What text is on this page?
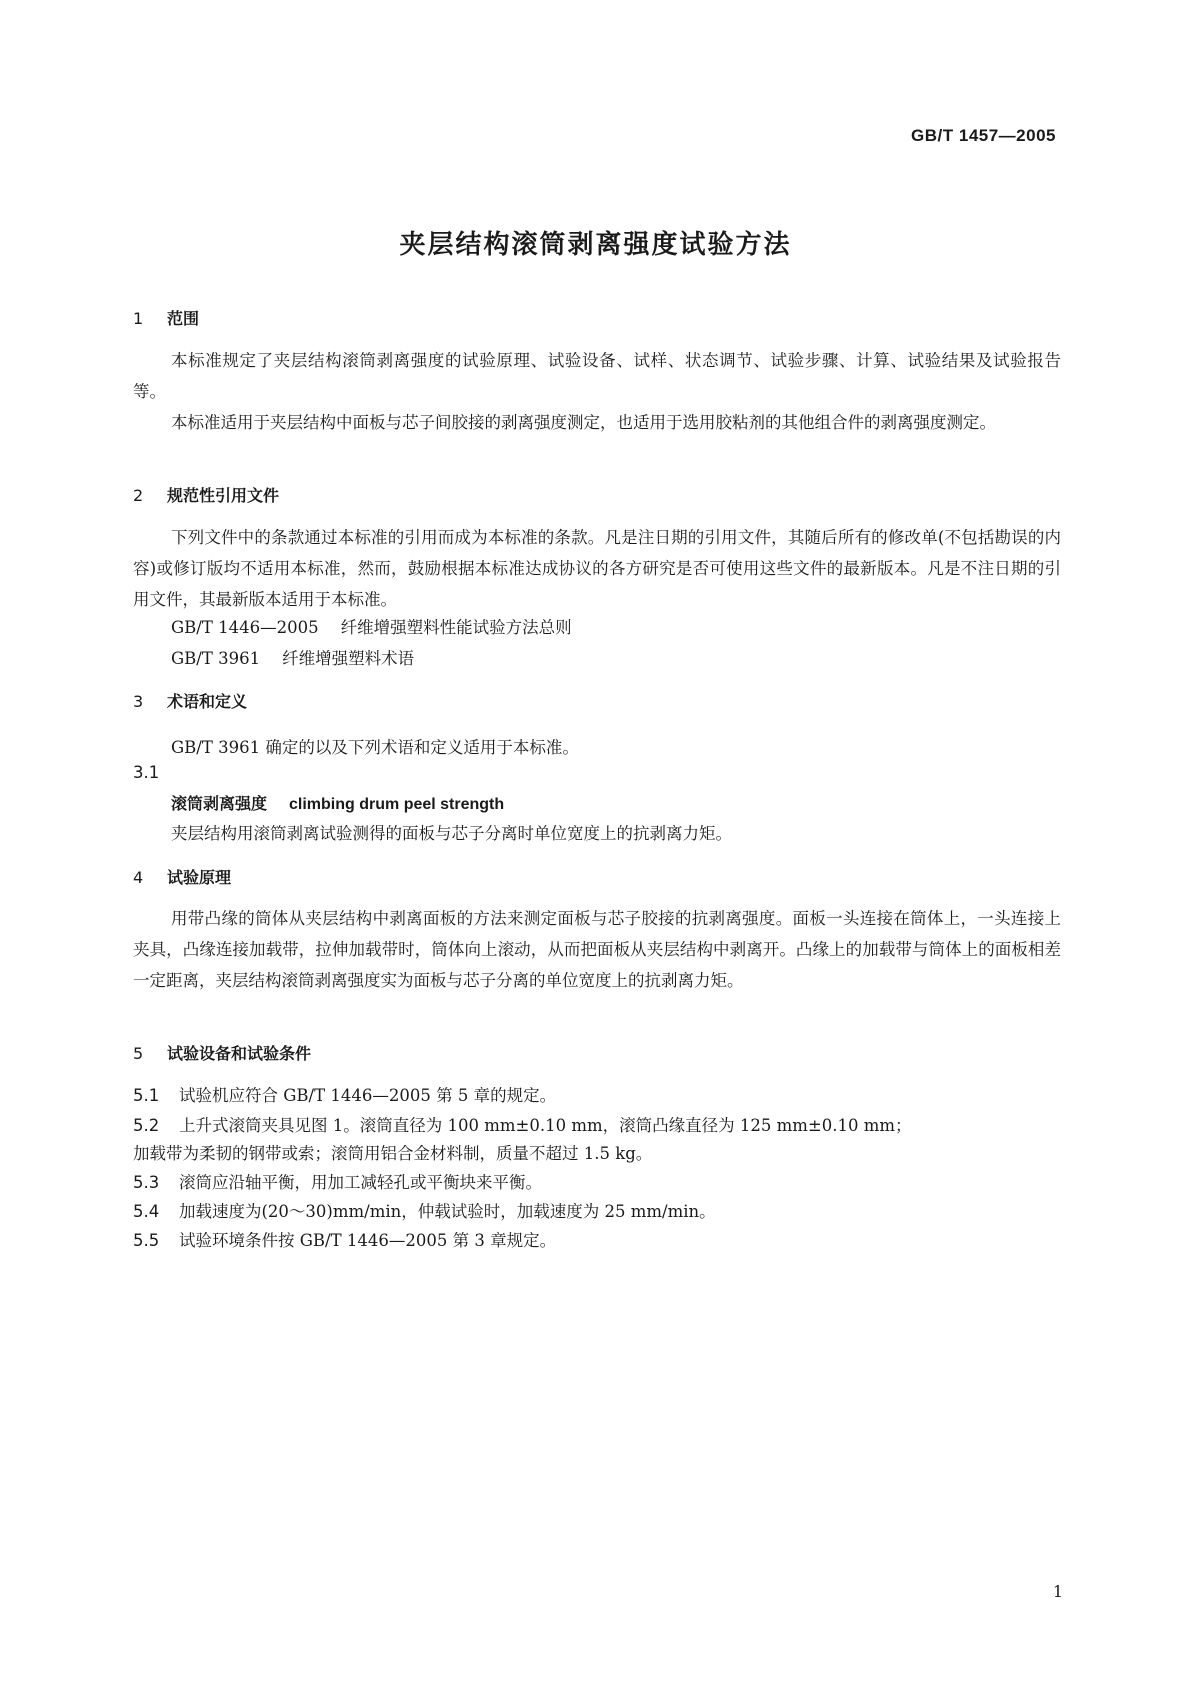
GB/T 1457—2005
夹层结构滚筒剥离强度试验方法
1 范围

本标准规定了夹层结构滚筒剥离强度的试验原理、试验设备、试样、状态调节、试验步骤、计算、试验结果及试验报告等。

本标准适用于夹层结构中面板与芯子间胶接的剥离强度测定，也适用于选用胶粘剂的其他组合件的剥离强度测定。

2 规范性引用文件

下列文件中的条款通过本标准的引用而成为本标准的条款。凡是注日期的引用文件，其随后所有的修改单(不包括勘误的内容)或修订版均不适用本标准，然而，鼓励根据本标准达成协议的各方研究是否可使用这些文件的最新版本。凡是不注日期的引用文件，其最新版本适用于本标准。

GB/T 1446—2005 纤维增强塑料性能试验方法总则
GB/T 3961 纤维增强塑料术语
3 术语和定义
GB/T 3961 确定的以及下列术语和定义适用于本标准。
3.1
滚筒剥离强度 climbing drum peel strength
夹层结构用滚筒剥离试验测得的面板与芯子分离时单位宽度上的抗剥离力矩。
4 试验原理

用带凸缘的筒体从夹层结构中剥离面板的方法来测定面板与芯子胶接的抗剥离强度。面板一头连接在筒体上，一头连接上夹具，凸缘连接加载带，拉伸加载带时，筒体向上滚动，从而把面板从夹层结构中剥离开。凸缘上的加载带与筒体上的面板相差一定距离，夹层结构滚筒剥离强度实为面板与芯子分离的单位宽度上的抗剥离力矩。

5 试验设备和试验条件
5.1 试验机应符合 GB/T 1446—2005 第 5 章的规定。
5.2 上升式滚筒夹具见图 1。滚筒直径为 100 mm±0.10 mm，滚筒凸缘直径为 125 mm±0.10 mm；
加载带为柔韧的钢带或索；滚筒用铝合金材料制，质量不超过 1.5 kg。
5.3 滚筒应沿轴平衡，用加工减轻孔或平衡块来平衡。
5.4 加载速度为(20～30)mm/min，仲载试验时，加载速度为 25 mm/min。
5.5 试验环境条件按 GB/T 1446—2005 第 3 章规定。
1
